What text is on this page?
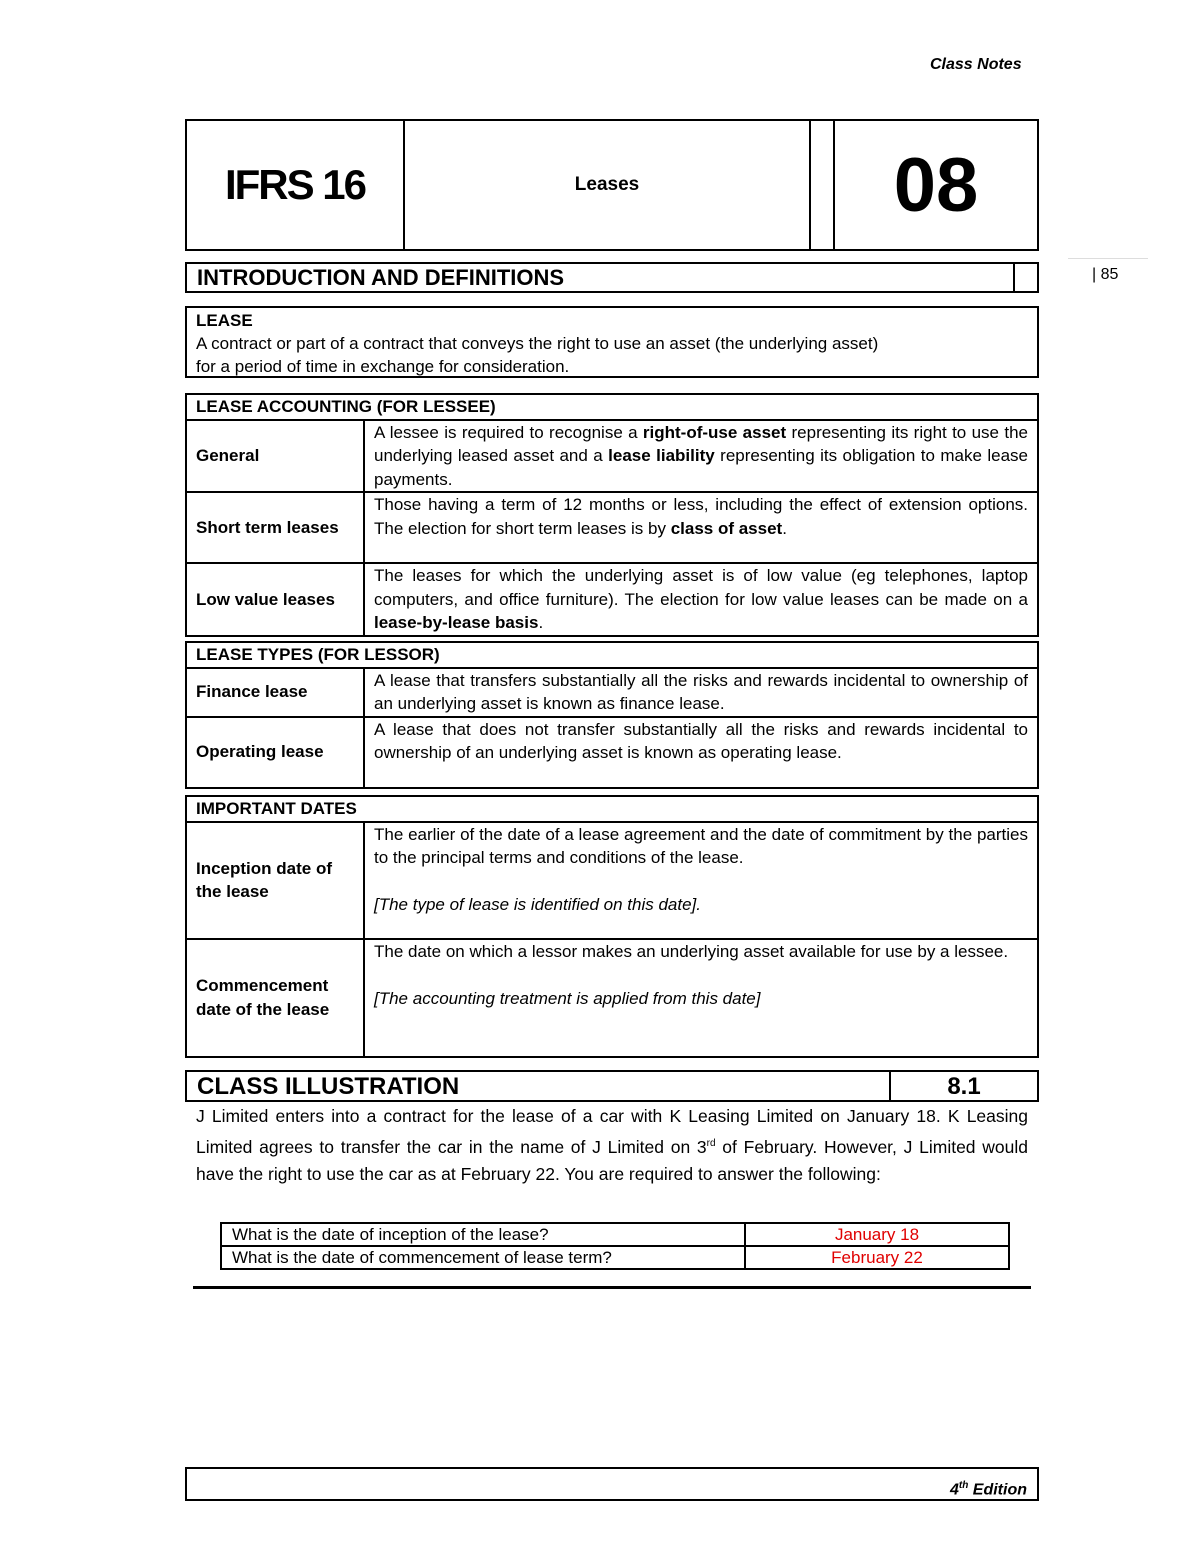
Class Notes
| 85
IFRS 16	Leases	08
INTRODUCTION AND DEFINITIONS
LEASE
A contract or part of a contract that conveys the right to use an asset (the underlying asset)
for a period of time in exchange for consideration.
LEASE ACCOUNTING (FOR LESSEE)	
General	A lessee is required to recognise a right-of-use asset representing its right to use the underlying leased asset and a lease liability representing its obligation to make lease payments.
Short term leases	Those having a term of 12 months or less, including the effect of extension options. The election for short term leases is by class of asset.
Low value leases	The leases for which the underlying asset is of low value (eg telephones, laptop computers, and office furniture). The election for low value leases can be made on a lease-by-lease basis.
LEASE TYPES (FOR LESSOR)	
Finance lease	A lease that transfers substantially all the risks and rewards incidental to ownership of an underlying asset is known as finance lease.
Operating lease	A lease that does not transfer substantially all the risks and rewards incidental to ownership of an underlying asset is known as operating lease.
IMPORTANT DATES	
Inception date of the lease	The earlier of the date of a lease agreement and the date of commitment by the parties to the principal terms and conditions of the lease.
[The type of lease is identified on this date].
Commencement date of the lease	The date on which a lessor makes an underlying asset available for use by a lessee.
[The accounting treatment is applied from this date]
CLASS ILLUSTRATION	8.1
J Limited enters into a contract for the lease of a car with K Leasing Limited on January 18. K Leasing Limited agrees to transfer the car in the name of J Limited on 3rd of February. However, J Limited would have the right to use the car as at February 22. You are required to answer the following:
What is the date of inception of the lease?	January 18
What is the date of commencement of lease term?	February 22
4th Edition
